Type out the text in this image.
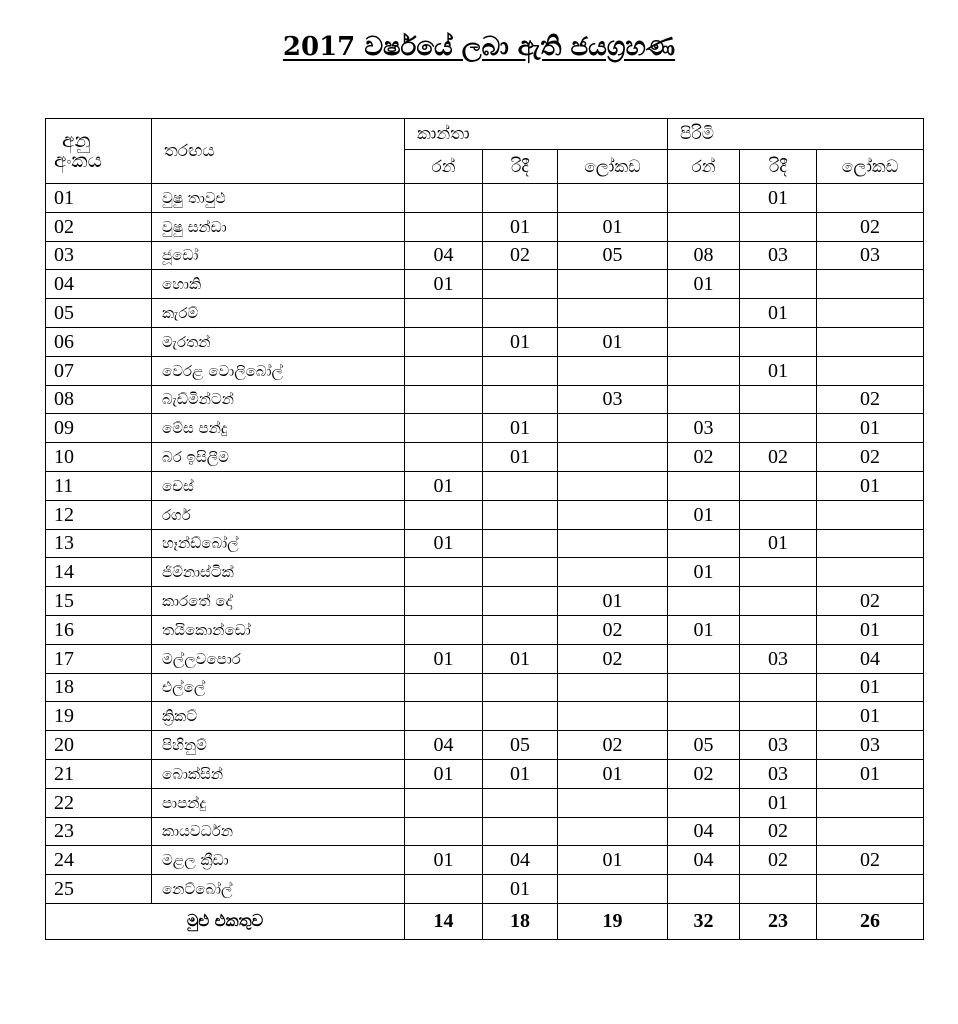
2017 වර්ෂයේ ලබා ඇති ජයග්‍රහණ
අනු
අංකය	තරඟය	කාන්තා			පිරිමි		
		රන්	රිදී	ලෝකඩ	රන්	රිදී	ලෝකඩ
01	වුෂු තාවුළු					01	
02	වුෂු සන්ඩා		01	01			02
03	ජූඩෝ	04	02	05	08	03	03
04	හොකි	01			01		
05	කැරම්					01	
06	මැරතන්		01	01			
07	වෙරළ වොලිබෝල්					01	
08	බැඩ්මින්ටන්			03			02
09	මේස පන්දු		01		03		01
10	බර ඉසිලීම		01		02	02	02
11	චෙස්	01					01
12	රගර්				01		
13	හෑන්ඩ්බෝල්	01				01	
14	ජිම්නාස්ටික්				01		
15	කාරතේ දෝ			01			02
16	තයිකොන්ඩෝ			02	01		01
17	මල්ලවපොර	01	01	02		03	04
18	එල්ලේ						01
19	ක්‍රිකට්						01
20	පිහිනුම්	04	05	02	05	03	03
21	බොක්සින්	01	01	01	02	03	01
22	පාපන්දු					01	
23	කායවර්ධන				04	02	
24	මළල ක්‍රීඩා	01	04	01	04	02	02
25	නෙට්බෝල්		01				
මුළු එකතුව		14	18	19	32	23	26
